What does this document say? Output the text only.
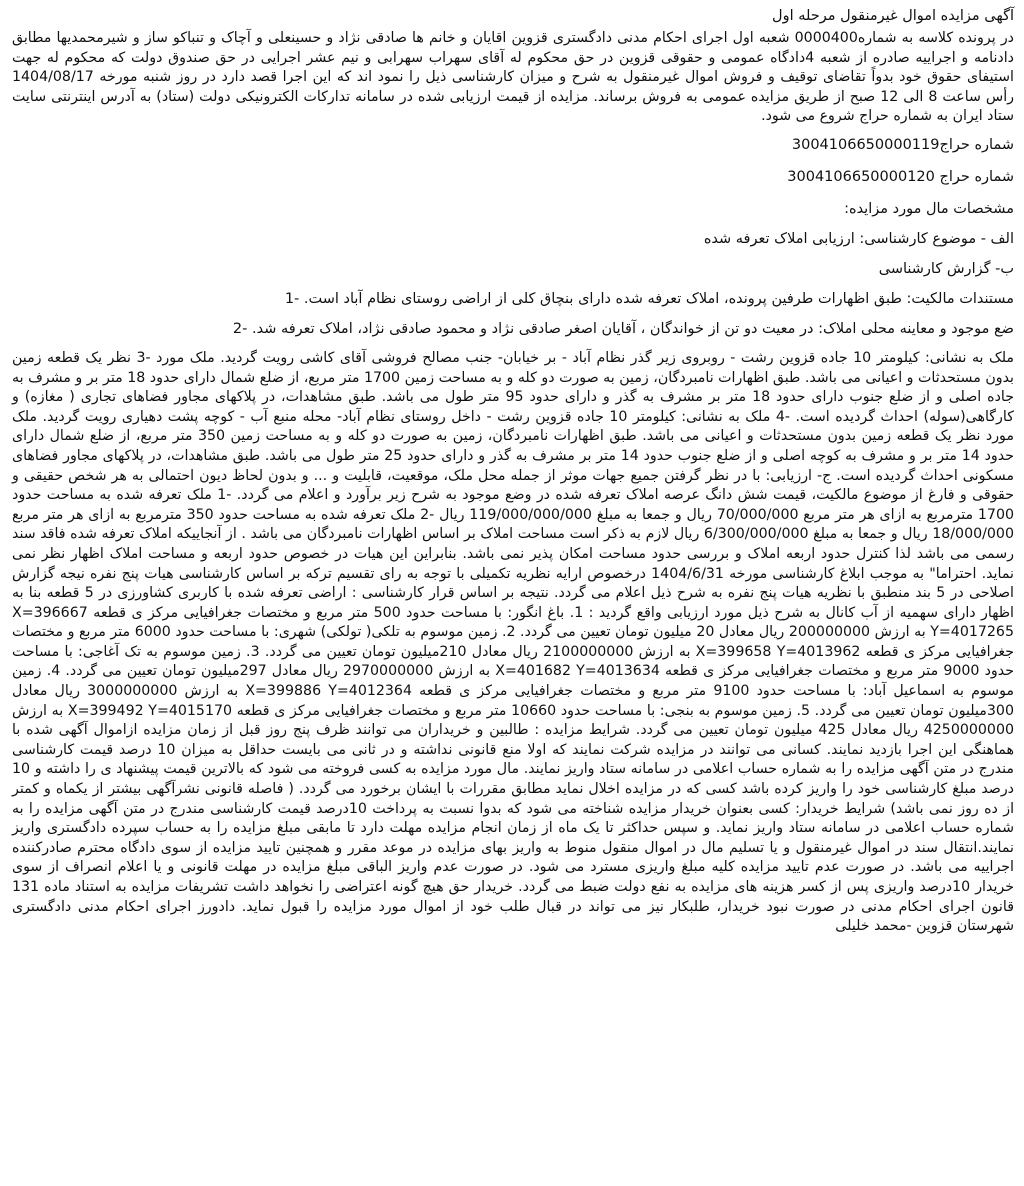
آگهی مزایده اموال غیرمنقول مرحله اول

در پرونده کلاسه به شماره0000400 شعبه اول اجرای احکام مدنی دادگستری قزوین اقایان و خانم ها صادقی نژاد و حسینعلی و آچاک و تنباکو ساز و شیرمحمدیها مطابق دادنامه و اجراییه صادره از شعبه 4دادگاه عمومی و حقوقی قزوین در حق محکوم له آقای سهراب سهرابی و نیم عشر اجرایی در حق صندوق دولت که محکوم له جهت استیفای حقوق خود بدواً تقاضای توقیف و فروش اموال غیرمنقول به شرح و میزان کارشناسی ذیل را نمود اند که این اجرا قصد دارد در روز شنبه مورخه 1404/08/17 رأس ساعت 8 الی 12 صبح از طریق مزایده عمومی به فروش برساند. مزایده از قیمت ارزیابی شده در سامانه تدارکات الکترونیکی دولت (ستاد) به آدرس اینترنتی سایت ستاد ایران به شماره حراج شروع می شود.

شماره حراج3004106650000119
شماره حراج 3004106650000120
مشخصات مال مورد مزایده:
الف - موضوع کارشناسی: ارزیابی املاک تعرفه شده
ب- گزارش کارشناسی
مستندات مالکیت: طبق اظهارات طرفین پرونده، املاک تعرفه شده دارای بنچاق کلی از اراضی روستای نظام آباد است. -1
ضع موجود و معاینه محلی املاک: در معیت دو تن از خواندگان ، آقایان اصغر صادقی نژاد و محمود صادقی نژاد، املاک تعرفه شد. -2

ملک به نشانی: کیلومتر 10 جاده قزوین رشت - روبروی زیر گذر نظام آباد - بر خیابان- جنب مصالح فروشی آقای کاشی رویت گردید. ملک مورد -3 نظر یک قطعه زمین بدون مستحدثات و اعیانی می باشد. طبق اظهارات نامبردگان، زمین به صورت دو کله و به مساحت زمین 1700 متر مربع، از ضلع شمال دارای حدود 18 متر بر و مشرف به جاده اصلی و از ضلع جنوب دارای حدود 18 متر بر مشرف به گذر و دارای حدود 95 متر طول می باشد. طبق مشاهدات، در پلاکهای مجاور فضاهای تجاری ( مغازه) و کارگاهی(سوله) احداث گردیده است. -4 ملک به نشانی: کیلومتر 10 جاده قزوین رشت - داخل روستای نظام آباد- محله منبع آب - کوچه پشت دهیاری رویت گردید. ملک مورد نظر یک قطعه زمین بدون مستحدثات و اعیانی می باشد. طبق اظهارات نامبردگان، زمین به صورت دو کله و به مساحت زمین 350 متر مربع، از ضلع شمال دارای حدود 14 متر بر و مشرف به کوچه اصلی و از ضلع جنوب حدود 14 متر بر مشرف به گذر و دارای حدود 25 متر طول می باشد. طبق مشاهدات، در پلاکهای مجاور فضاهای مسکونی احداث گردیده است. ج- ارزیابی: با در نظر گرفتن جمیع جهات موثر از جمله محل ملک، موقعیت، قابلیت و ... و بدون لحاظ دیون احتمالی به هر شخص حقیقی و حقوقی و فارغ از موضوع مالکیت، قیمت شش دانگ عرصه املاک تعرفه شده در وضع موجود به شرح زیر برآورد و اعلام می گردد. -1 ملک تعرفه شده به مساحت حدود 1700 مترمربع به ازای هر متر مربع 70/000/000 ریال و جمعا به مبلغ 119/000/000/000 ریال -2 ملک تعرفه شده به مساحت حدود 350 مترمربع به ازای هر متر مربع 18/000/000 ریال و جمعا به مبلغ 6/300/000/000 ریال لازم به ذکر است مساحت املاک بر اساس اظهارات نامبردگان می باشد . از آنجاییکه املاک تعرفه شده فاقد سند رسمی می باشد لذا کنترل حدود اربعه املاک و بررسی حدود مساحت امکان پذیر نمی باشد. بنابراین این هیات در خصوص حدود اربعه و مساحت املاک اظهار نظر نمی نماید. احتراما" به موجب ابلاغ کارشناسی مورخه 1404/6/31 درخصوص ارایه نظریه تکمیلی با توجه به رای تقسیم ترکه بر اساس کارشناسی هیات پنج نفره نیجه گزارش اصلاحی در 5 بند منطبق با نظریه هیات پنج نفره به شرح ذیل اعلام می گردد. نتیجه بر اساس قرار کارشناسی : اراضی تعرفه شده با کاربری کشاورزی در 5 قطعه بنا به اظهار دارای سهمیه از آب کانال به شرح ذیل مورد ارزیابی واقع گردید : 1. باغ انگور: با مساحت حدود 500 متر مربع و مختصات جغرافیایی مرکز ی قطعه X=396667 Y=4017265 به ارزش 200000000 ریال معادل 20 میلیون تومان تعیین می گردد. 2. زمین موسوم به تلکی( تولکی) شهری: با مساحت حدود 6000 متر مربع و مختصات جغرافیایی مرکز ی قطعه X=399658 Y=4013962 به ارزش 2100000000 ریال معادل 210میلیون تومان تعیین می گردد. 3. زمین موسوم به تک آغاجی: با مساحت حدود 9000 متر مربع و مختصات جغرافیایی مرکز ی قطعه X=401682 Y=4013634 به ارزش 2970000000 ریال معادل 297میلیون تومان تعیین می گردد. 4. زمین موسوم به اسماعیل آباد: با مساحت حدود 9100 متر مربع و مختصات جغرافیایی مرکز ی قطعه X=399886 Y=4012364 به ارزش 3000000000 ریال معادل 300میلیون تومان تعیین می گردد. 5. زمین موسوم به بنجی: با مساحت حدود 10660 متر مربع و مختصات جغرافیایی مرکز ی قطعه X=399492 Y=4015170 به ارزش 4250000000 ریال معادل 425 میلیون تومان تعیین می گردد. شرایط مزایده : طالبین و خریداران می توانند ظرف پنج روز قبل از زمان مزایده ازاموال آگهی شده با هماهنگی این اجرا بازدید نمایند. کسانی می توانند در مزایده شرکت نمایند که اولا منع قانونی نداشته و در ثانی می بایست حداقل به میزان 10 درصد قیمت کارشناسی مندرج در متن آگهی مزایده را به شماره حساب اعلامی در سامانه ستاد واریز نمایند. مال مورد مزایده به کسی فروخته می شود که بالاترین قیمت پیشنهاد ی را داشته و 10 درصد مبلغ کارشناسی خود را واریز کرده باشد کسی که در مزایده اخلال نماید مطابق مقررات با ایشان برخورد می گردد. ( فاصله قانونی نشرآگهی بیشتر از یکماه و کمتر از ده روز نمی باشد) شرایط خریدار: کسی بعنوان خریدار مزایده شناخته می شود که بدوا نسبت به پرداخت 10درصد قیمت کارشناسی مندرج در متن آگهی مزایده را به شماره حساب اعلامی در سامانه ستاد واریز نماید. و سپس حداکثر تا یک ماه از زمان انجام مزایده مهلت دارد تا مابقی مبلغ مزایده را به حساب سپرده دادگستری واریز نمایند.انتقال سند در اموال غیرمنقول و یا تسلیم مال در اموال منقول منوط به واریز بهای مزایده در موعد مقرر و همچنین تایید مزایده از سوی دادگاه محترم صادرکننده اجراییه می باشد. در صورت عدم تایید مزایده کلیه مبلغ واریزی مسترد می شود. در صورت عدم واریز الباقی مبلغ مزایده در مهلت قانونی و یا اعلام انصراف از سوی خریدار 10درصد واریزی پس از کسر هزینه های مزایده به نفع دولت ضبط می گردد. خریدار حق هیچ گونه اعتراضی را نخواهد داشت تشریفات مزایده به استناد ماده 131 قانون اجرای احکام مدنی در صورت نبود خریدار، طلبکار نیز می تواند در قبال طلب خود از اموال مورد مزایده را قبول نماید. دادورز اجرای احکام مدنی دادگستری شهرستان قزوین -محمد خلیلی
